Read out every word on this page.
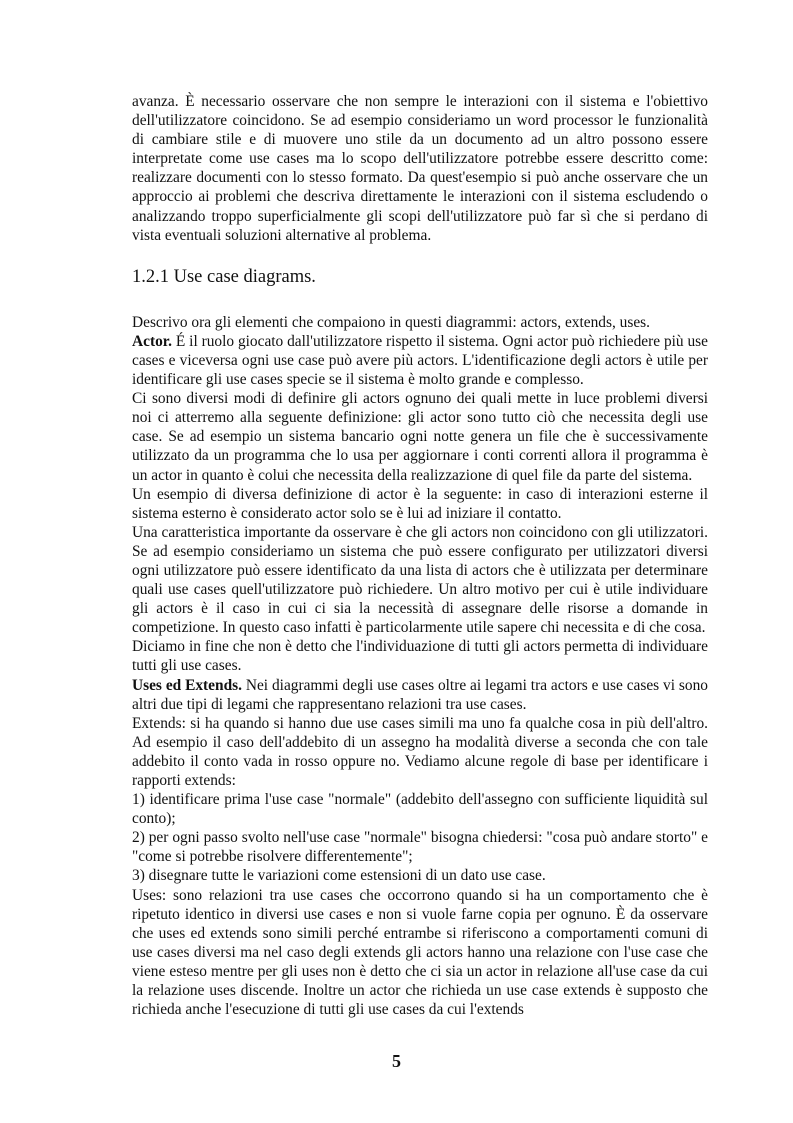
avanza. È necessario osservare che non sempre le interazioni con il sistema e l'obiettivo dell'utilizzatore coincidono. Se ad esempio consideriamo un word processor le funzionalità di cambiare stile e di muovere uno stile da un documento ad un altro possono essere interpretate come use cases ma lo scopo dell'utilizzatore potrebbe essere descritto come: realizzare documenti con lo stesso formato. Da quest'esempio si può anche osservare che un approccio ai problemi che descriva direttamente le interazioni con il sistema escludendo o analizzando troppo superficialmente gli scopi dell'utilizzatore può far sì che si perdano di vista eventuali soluzioni alternative al problema.

1.2.1 Use case diagrams.

Descrivo ora gli elementi che compaiono in questi diagrammi: actors, extends, uses.

Actor. É il ruolo giocato dall'utilizzatore rispetto il sistema. Ogni actor può richiedere più use cases e viceversa ogni use case può avere più actors. L'identificazione degli actors è utile per identificare gli use cases specie se il sistema è molto grande e complesso.

Ci sono diversi modi di definire gli actors ognuno dei quali mette in luce problemi diversi noi ci atterremo alla seguente definizione: gli actor sono tutto ciò che necessita degli use case. Se ad esempio un sistema bancario ogni notte genera un file che è successivamente utilizzato da un programma che lo usa per aggiornare i conti correnti allora il programma è un actor in quanto è colui che necessita della realizzazione di quel file da parte del sistema.

Un esempio di diversa definizione di actor è la seguente: in caso di interazioni esterne il sistema esterno è considerato actor solo se è lui ad iniziare il contatto.

Una caratteristica importante da osservare è che gli actors non coincidono con gli utilizzatori. Se ad esempio consideriamo un sistema che può essere configurato per utilizzatori diversi ogni utilizzatore può essere identificato da una lista di actors che è utilizzata per determinare quali use cases quell'utilizzatore può richiedere. Un altro motivo per cui è utile individuare gli actors è il caso in cui ci sia la necessità di assegnare delle risorse a domande in competizione. In questo caso infatti è particolarmente utile sapere chi necessita e di che cosa.

Diciamo in fine che non è detto che l'individuazione di tutti gli actors permetta di individuare tutti gli use cases.

Uses ed Extends. Nei diagrammi degli use cases oltre ai legami tra actors e use cases vi sono altri due tipi di legami che rappresentano relazioni tra use cases.

Extends: si ha quando si hanno due use cases simili ma uno fa qualche cosa in più dell'altro. Ad esempio il caso dell'addebito di un assegno ha modalità diverse a seconda che con tale addebito il conto vada in rosso oppure no. Vediamo alcune regole di base per identificare i rapporti extends:

1) identificare prima l'use case "normale" (addebito dell'assegno con sufficiente liquidità sul     conto);

2) per ogni passo svolto nell'use case "normale" bisogna chiedersi: "cosa può andare storto" e "come si potrebbe risolvere differentemente";

3) disegnare tutte le variazioni come estensioni di un dato use case.

Uses: sono relazioni tra use cases che occorrono quando si ha un comportamento che è ripetuto identico in diversi use cases e non si vuole farne copia per ognuno. È da osservare che uses ed extends sono simili perché entrambe si riferiscono a comportamenti comuni di use cases diversi ma nel caso degli extends gli actors hanno una relazione con l'use case che viene esteso mentre per gli uses non è detto che ci sia un actor in relazione all'use case da cui la relazione uses discende. Inoltre un actor che richieda un use case extends è supposto che richieda anche l'esecuzione di tutti gli use cases da cui l'extends

5
